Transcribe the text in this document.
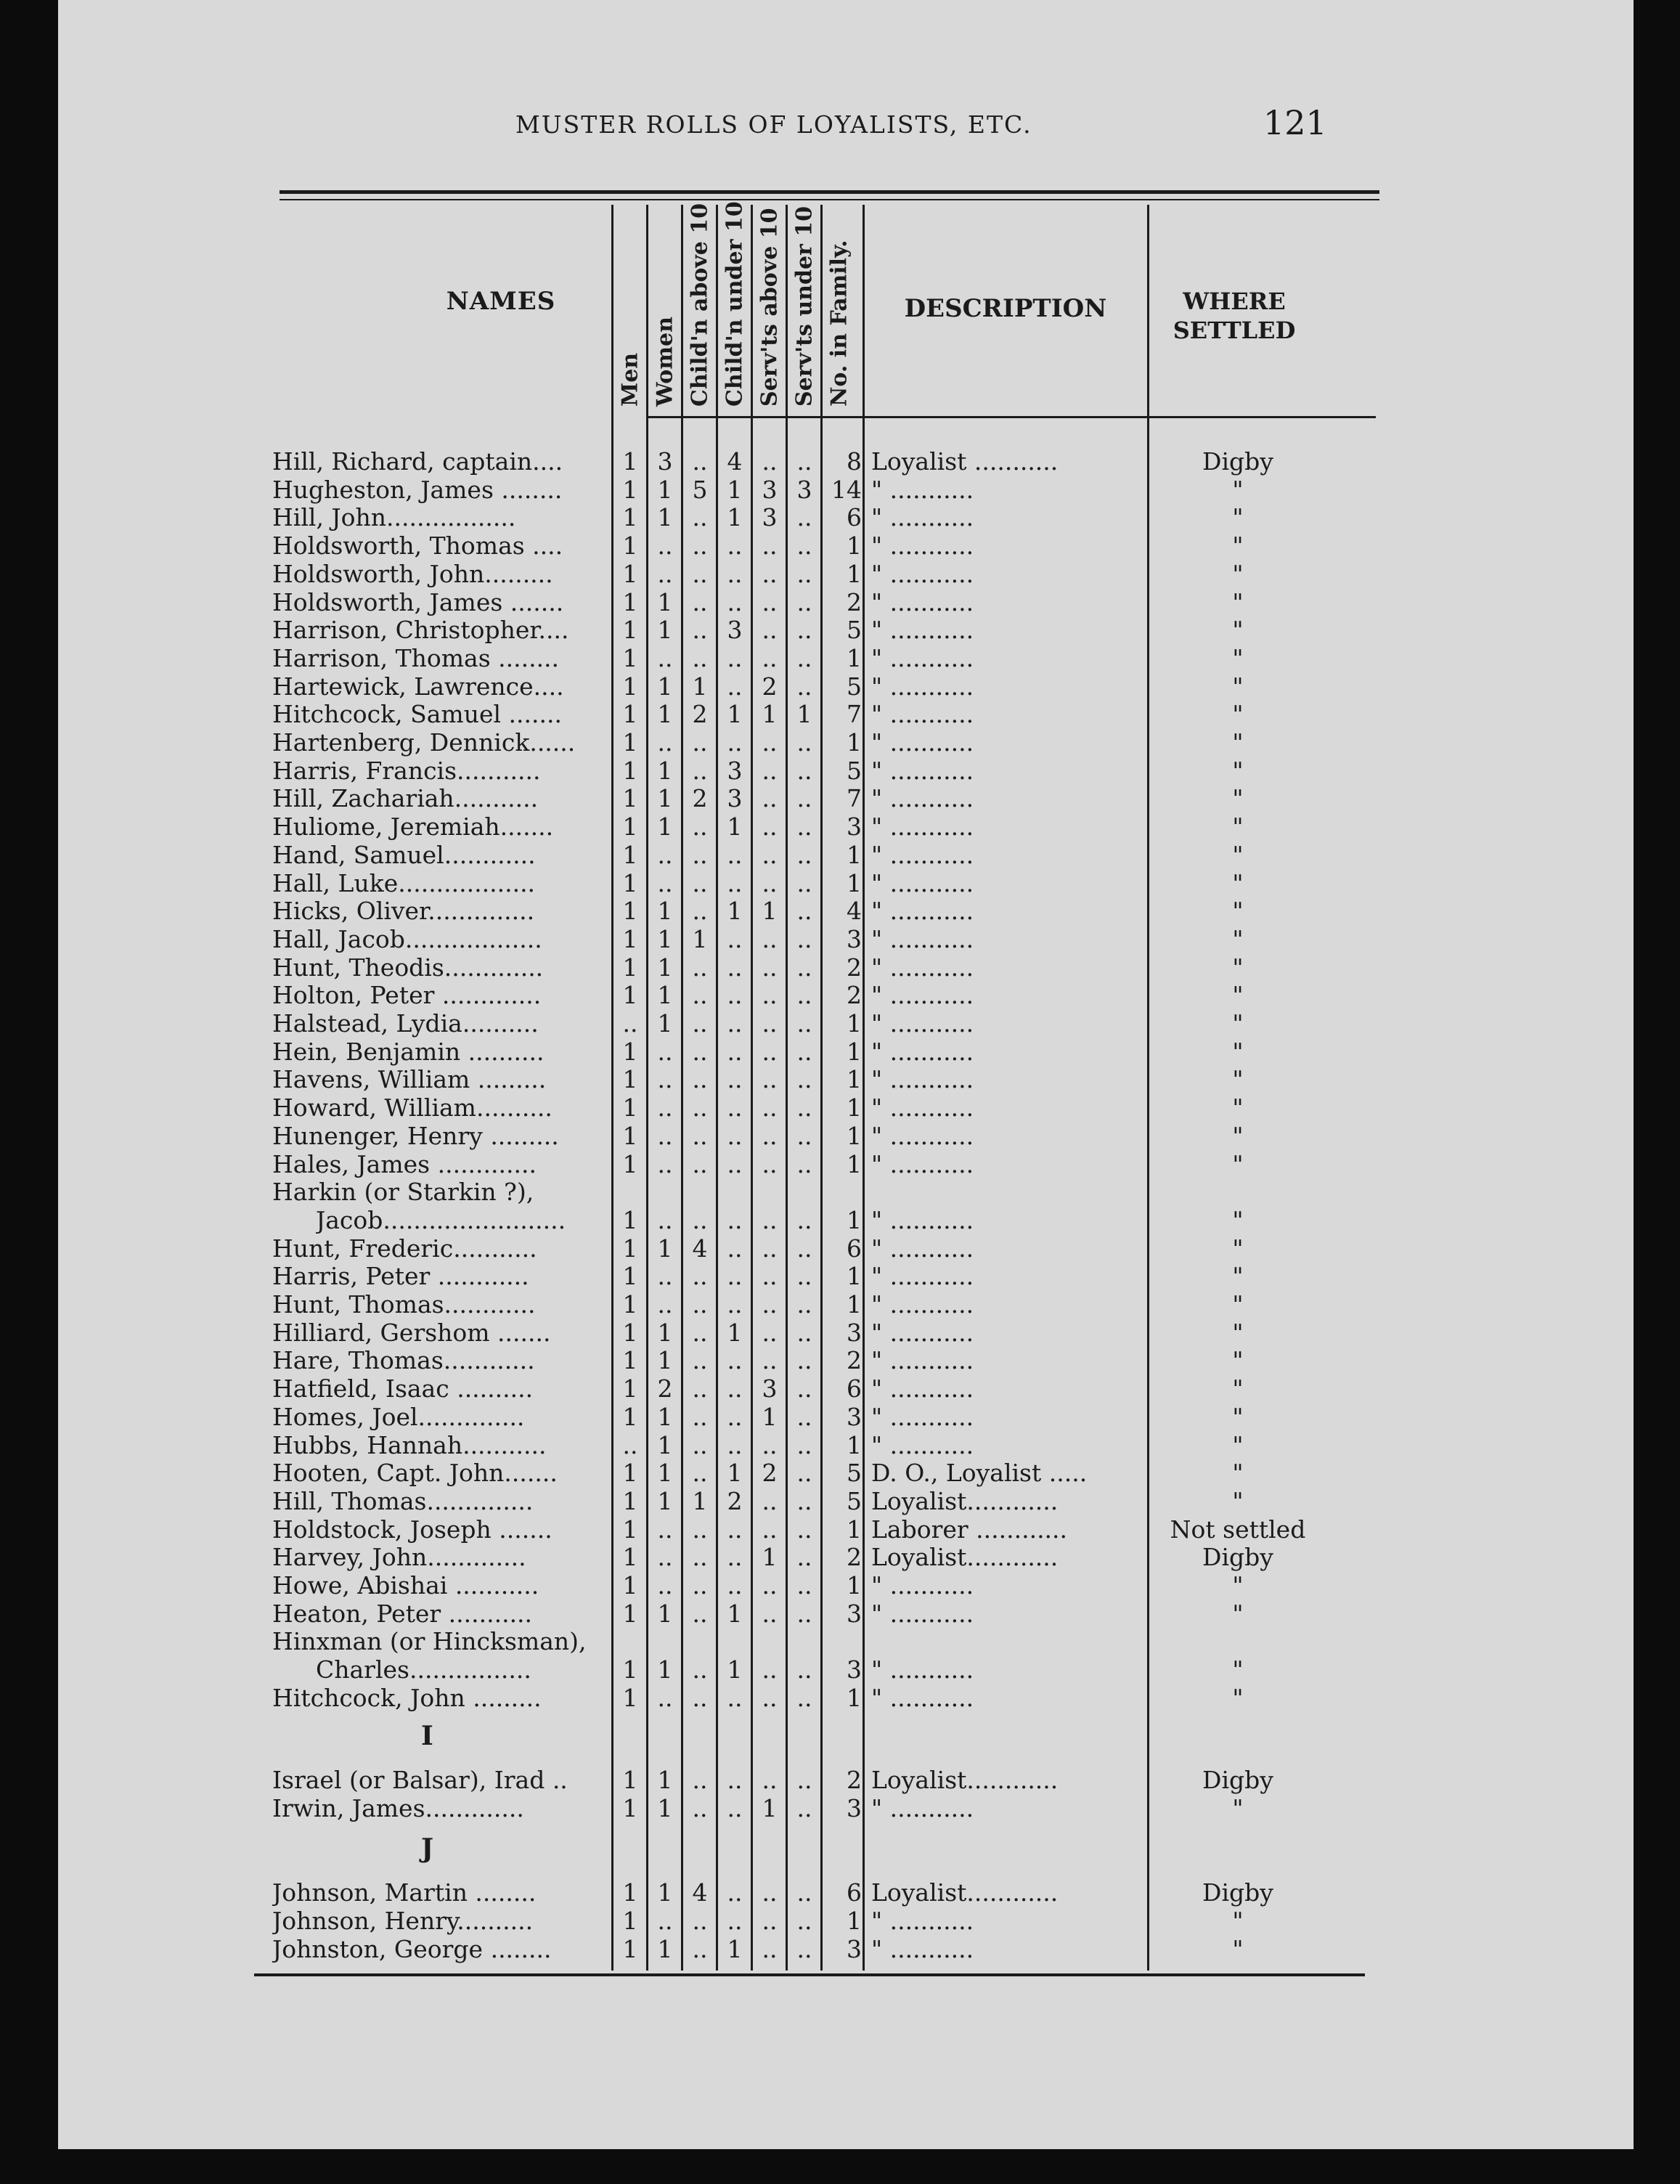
MUSTER ROLLS OF LOYALISTS, ETC.	121
NAMES	DESCRIPTION	WHERE SETTLED
Men Women Child'n above 10 Child'n under 10 Serv'ts above 10 Serv'ts under 10 No. in Family.
Hill, Richard, captain....	1 3 .. 4 .. ..	8 Loyalist ...........	Digby
Hugheston, James ........	1 1 5 1 3 3 14 " ...........	"
Hill, John.................	1 1 .. 1 3 ..	6 " ...........	"
Holdsworth, Thomas ....	1 .. .. .. .. ..	1 " ...........	"
Holdsworth, John.........	1 .. .. .. .. ..	1 " ...........	"
Holdsworth, James .......	1 1 .. .. .. ..	2 " ...........	"
Harrison, Christopher....	1 1 .. 3 .. ..	5 " ...........	"
Harrison, Thomas ........	1 .. .. .. .. ..	1 " ...........	"
Hartewick, Lawrence....	1 1 1 .. 2 ..	5 " ...........	"
Hitchcock, Samuel .......	1 1 2 1 1 1	7 " ...........	"
Hartenberg, Dennick......	1 .. .. .. .. ..	1 " ...........	"
Harris, Francis...........	1 1 .. 3 .. ..	5 " ...........	"
Hill, Zachariah...........	1 1 2 3 .. ..	7 " ...........	"
Huliome, Jeremiah.......	1 1 .. 1 .. ..	3 " ...........	"
Hand, Samuel............	1 .. .. .. .. ..	1 " ...........	"
Hall, Luke..................	1 .. .. .. .. ..	1 " ...........	"
Hicks, Oliver..............	1 1 .. 1 1 ..	4 " ...........	"
Hall, Jacob..................	1 1 1 .. .. ..	3 " ...........	"
Hunt, Theodis.............	1 1 .. .. .. ..	2 " ...........	"
Holton, Peter .............	1 1 .. .. .. ..	2 " ...........	"
Halstead, Lydia..........	.. 1 .. .. .. ..	1 " ...........	"
Hein, Benjamin ..........	1 .. .. .. .. ..	1 " ...........	"
Havens, William .........	1 .. .. .. .. ..	1 " ...........	"
Howard, William..........	1 .. .. .. .. ..	1 " ...........	"
Hunenger, Henry .........	1 .. .. .. .. ..	1 " ...........	"
Hales, James .............	1 .. .. .. .. ..	1 " ...........	"
Harkin (or Starkin ?),
Jacob........................	1 .. .. .. .. ..	1 " ...........	"
Hunt, Frederic...........	1 1 4 .. .. ..	6 " ...........	"
Harris, Peter ............	1 .. .. .. .. ..	1 " ...........	"
Hunt, Thomas............	1 .. .. .. .. ..	1 " ...........	"
Hilliard, Gershom .......	1 1 .. 1 .. ..	3 " ...........	"
Hare, Thomas............	1 1 .. .. .. ..	2 " ...........	"
Hatfield, Isaac ..........	1 2 .. .. 3 ..	6 " ...........	"
Homes, Joel..............	1 1 .. .. 1 ..	3 " ...........	"
Hubbs, Hannah...........	.. 1 .. .. .. ..	1 " ...........	"
Hooten, Capt. John.......	1 1 .. 1 2 ..	5 D. O., Loyalist .....	"
Hill, Thomas..............	1 1 1 2 .. ..	5 Loyalist............	"
Holdstock, Joseph .......	1 .. .. .. .. ..	1 Laborer ............	Not settled
Harvey, John.............	1 .. .. .. 1 ..	2 Loyalist............	Digby
Howe, Abishai ...........	1 .. .. .. .. ..	1 " ...........	"
Heaton, Peter ...........	1 1 .. 1 .. ..	3 " ...........	"
Hinxman (or Hincksman),
Charles................	1 1 .. 1 .. ..	3 " ...........	"
Hitchcock, John .........	1 .. .. .. .. ..	1 " ...........	"
I
Israel (or Balsar), Irad ..	1 1 .. .. .. ..	2 Loyalist............	Digby
Irwin, James.............	1 1 .. .. 1 ..	3 " ...........	"
J
Johnson, Martin ........	1 1 4 .. .. ..	6 Loyalist............	Digby
Johnson, Henry..........	1 .. .. .. .. ..	1 " ...........	"
Johnston, George ........	1 1 .. 1 .. ..	3 " ...........	"
